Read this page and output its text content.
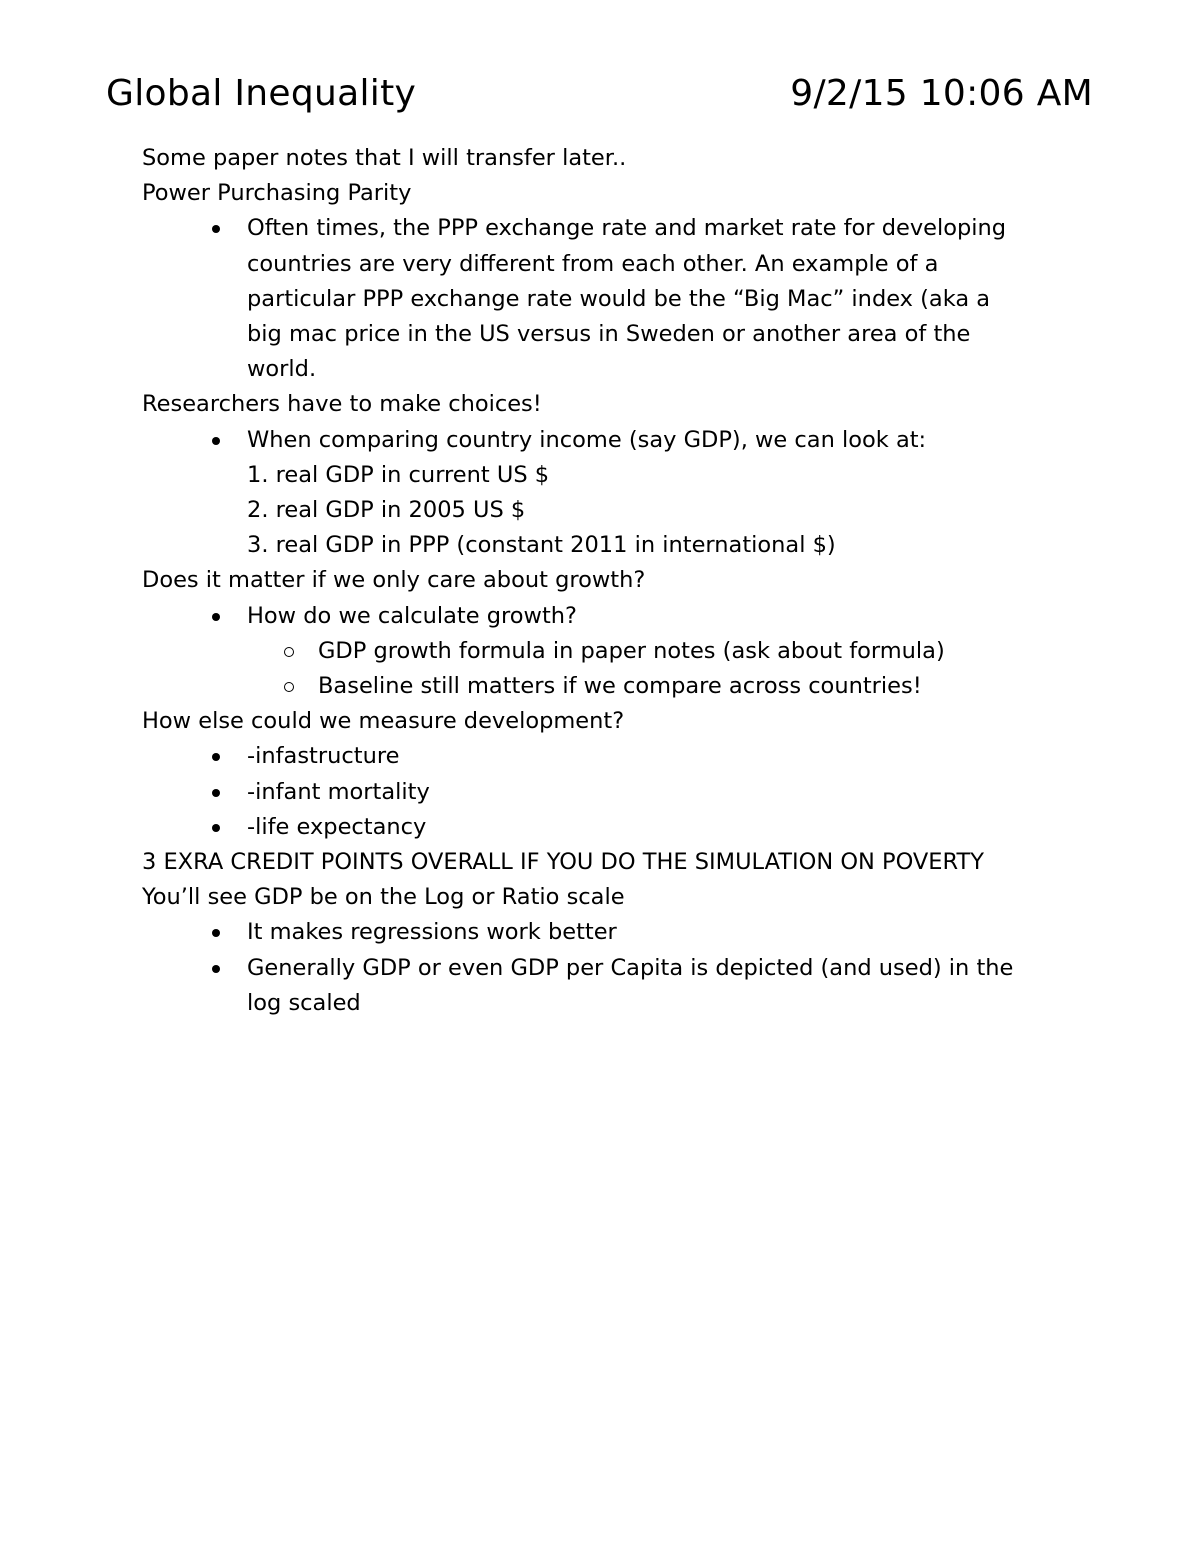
Global Inequality	9/2/15 10:06 AM
Some paper notes that I will transfer later..
Power Purchasing Parity
Often times, the PPP exchange rate and market rate for developing
countries are very different from each other. An example of a
particular PPP exchange rate would be the “Big Mac” index (aka a
big mac price in the US versus in Sweden or another area of the
world.
Researchers have to make choices!
When comparing country income (say GDP), we can look at:
1. real GDP in current US $
2. real GDP in 2005 US $
3. real GDP in PPP (constant 2011 in international $)
Does it matter if we only care about growth?
How do we calculate growth?
GDP growth formula in paper notes (ask about formula)
Baseline still matters if we compare across countries!
How else could we measure development?
-infastructure
-infant mortality
-life expectancy
3 EXRA CREDIT POINTS OVERALL IF YOU DO THE SIMULATION ON POVERTY
You’ll see GDP be on the Log or Ratio scale
It makes regressions work better
Generally GDP or even GDP per Capita is depicted (and used) in the
log scaled
